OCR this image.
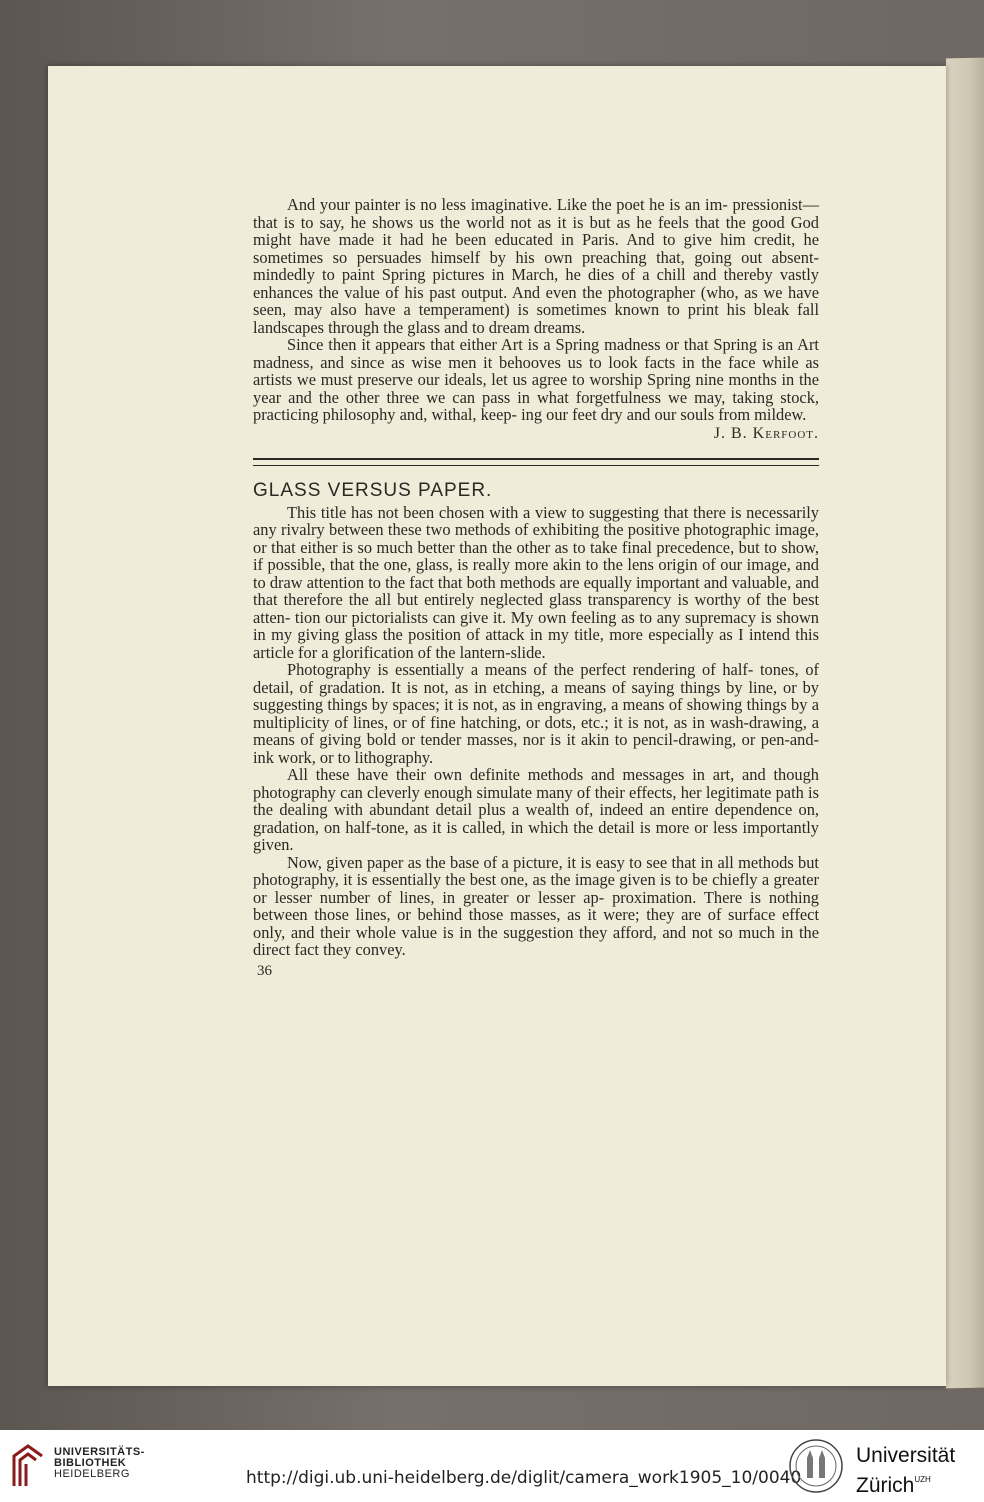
And your painter is no less imaginative. Like the poet he is an im- pressionist—that is to say, he shows us the world not as it is but as he feels that the good God might have made it had he been educated in Paris. And to give him credit, he sometimes so persuades himself by his own preaching that, going out absent-mindedly to paint Spring pictures in March, he dies of a chill and thereby vastly enhances the value of his past output. And even the photographer (who, as we have seen, may also have a temperament) is sometimes known to print his bleak fall landscapes through the glass and to dream dreams.

Since then it appears that either Art is a Spring madness or that Spring is an Art madness, and since as wise men it behooves us to look facts in the face while as artists we must preserve our ideals, let us agree to worship Spring nine months in the year and the other three we can pass in what forgetfulness we may, taking stock, practicing philosophy and, withal, keep- ing our feet dry and our souls from mildew.

J. B. Kerfoot.
GLASS VERSUS PAPER.

This title has not been chosen with a view to suggesting that there is necessarily any rivalry between these two methods of exhibiting the positive photographic image, or that either is so much better than the other as to take final precedence, but to show, if possible, that the one, glass, is really more akin to the lens origin of our image, and to draw attention to the fact that both methods are equally important and valuable, and that therefore the all but entirely neglected glass transparency is worthy of the best atten- tion our pictorialists can give it. My own feeling as to any supremacy is shown in my giving glass the position of attack in my title, more especially as I intend this article for a glorification of the lantern-slide.

Photography is essentially a means of the perfect rendering of half- tones, of detail, of gradation. It is not, as in etching, a means of saying things by line, or by suggesting things by spaces; it is not, as in engraving, a means of showing things by a multiplicity of lines, or of fine hatching, or dots, etc.; it is not, as in wash-drawing, a means of giving bold or tender masses, nor is it akin to pencil-drawing, or pen-and-ink work, or to lithography.

All these have their own definite methods and messages in art, and though photography can cleverly enough simulate many of their effects, her legitimate path is the dealing with abundant detail plus a wealth of, indeed an entire dependence on, gradation, on half-tone, as it is called, in which the detail is more or less importantly given.

Now, given paper as the base of a picture, it is easy to see that in all methods but photography, it is essentially the best one, as the image given is to be chiefly a greater or lesser number of lines, in greater or lesser ap- proximation. There is nothing between those lines, or behind those masses, as it were; they are of surface effect only, and their whole value is in the suggestion they afford, and not so much in the direct fact they convey.

36
UNIVERSITÄTS-
BIBLIOTHEK
HEIDELBERG	http://digi.ub.uni-heidelberg.de/diglit/camera_work1905_10/0040
Universität
Zürich$^{UZH}$
